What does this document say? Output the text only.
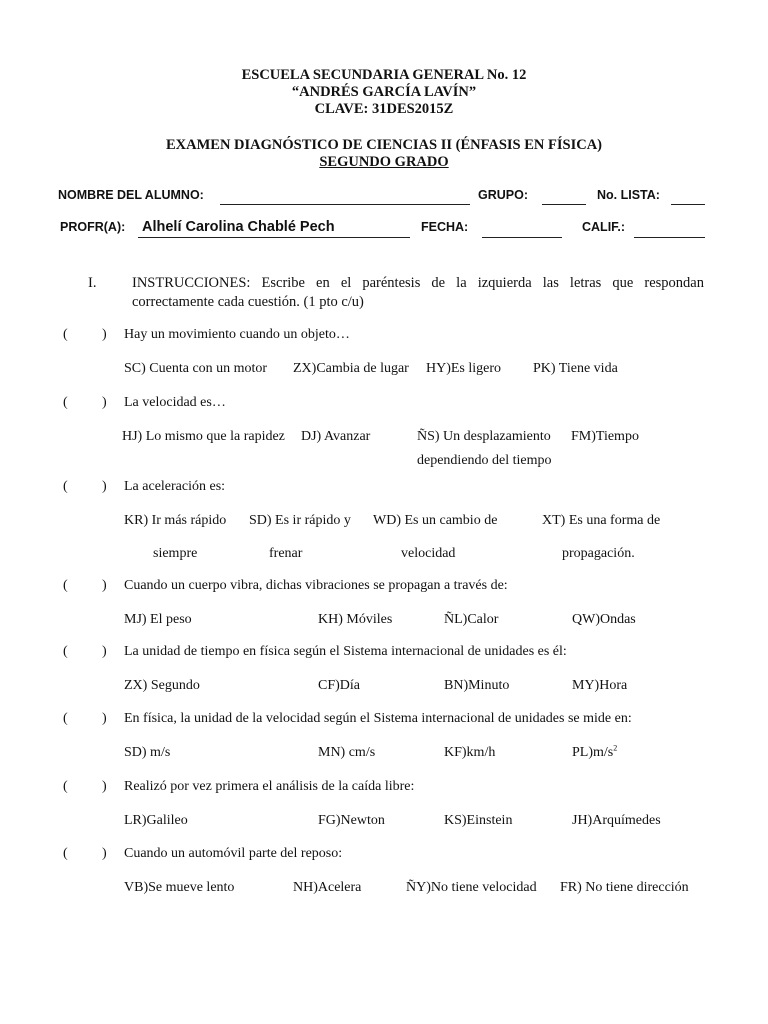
ESCUELA SECUNDARIA GENERAL No. 12
“ANDRÉS GARCÍA LAVÍN”
CLAVE: 31DES2015Z
EXAMEN DIAGNÓSTICO DE CIENCIAS II (ÉNFASIS EN FÍSICA)
SEGUNDO GRADO
NOMBRE DEL ALUMNO:	GRUPO:	No. LISTA:
PROFR(A): Alhelí Carolina Chablé Pech	FECHA:	CALIF.:
I. INSTRUCCIONES: Escribe en el paréntesis de la izquierda las letras que respondan correctamente cada cuestión. (1 pto c/u)
( ) Hay un movimiento cuando un objeto…
SC) Cuenta con un motor ZX)Cambia de lugar HY)Es ligero PK) Tiene vida
( ) La velocidad es…
HJ) Lo mismo que la rapidez DJ) Avanzar	ÑS) Un desplazamiento FM)Tiempo
dependiendo del tiempo
( ) La aceleración es:
KR) Ir más rápido SD) Es ir rápido y WD) Es un cambio de	XT) Es una forma de
siempre	frenar	velocidad	propagación.
( ) Cuando un cuerpo vibra, dichas vibraciones se propagan a través de:
MJ) El peso	KH) Móviles	ÑL)Calor	QW)Ondas
( ) La unidad de tiempo en física según el Sistema internacional de unidades es él:
ZX) Segundo	CF)Día	BN)Minuto	MY)Hora
( ) En física, la unidad de la velocidad según el Sistema internacional de unidades se mide en:
SD) m/s	MN) cm/s	KF)km/h	$PL)m/s^2$
( ) Realizó por vez primera el análisis de la caída libre:
LR)Galileo	FG)Newton	KS)Einstein	JH)Arquímedes
( ) Cuando un automóvil parte del reposo:
VB)Se mueve lento	NH)Acelera	ÑY)No tiene velocidad FR) No tiene dirección
